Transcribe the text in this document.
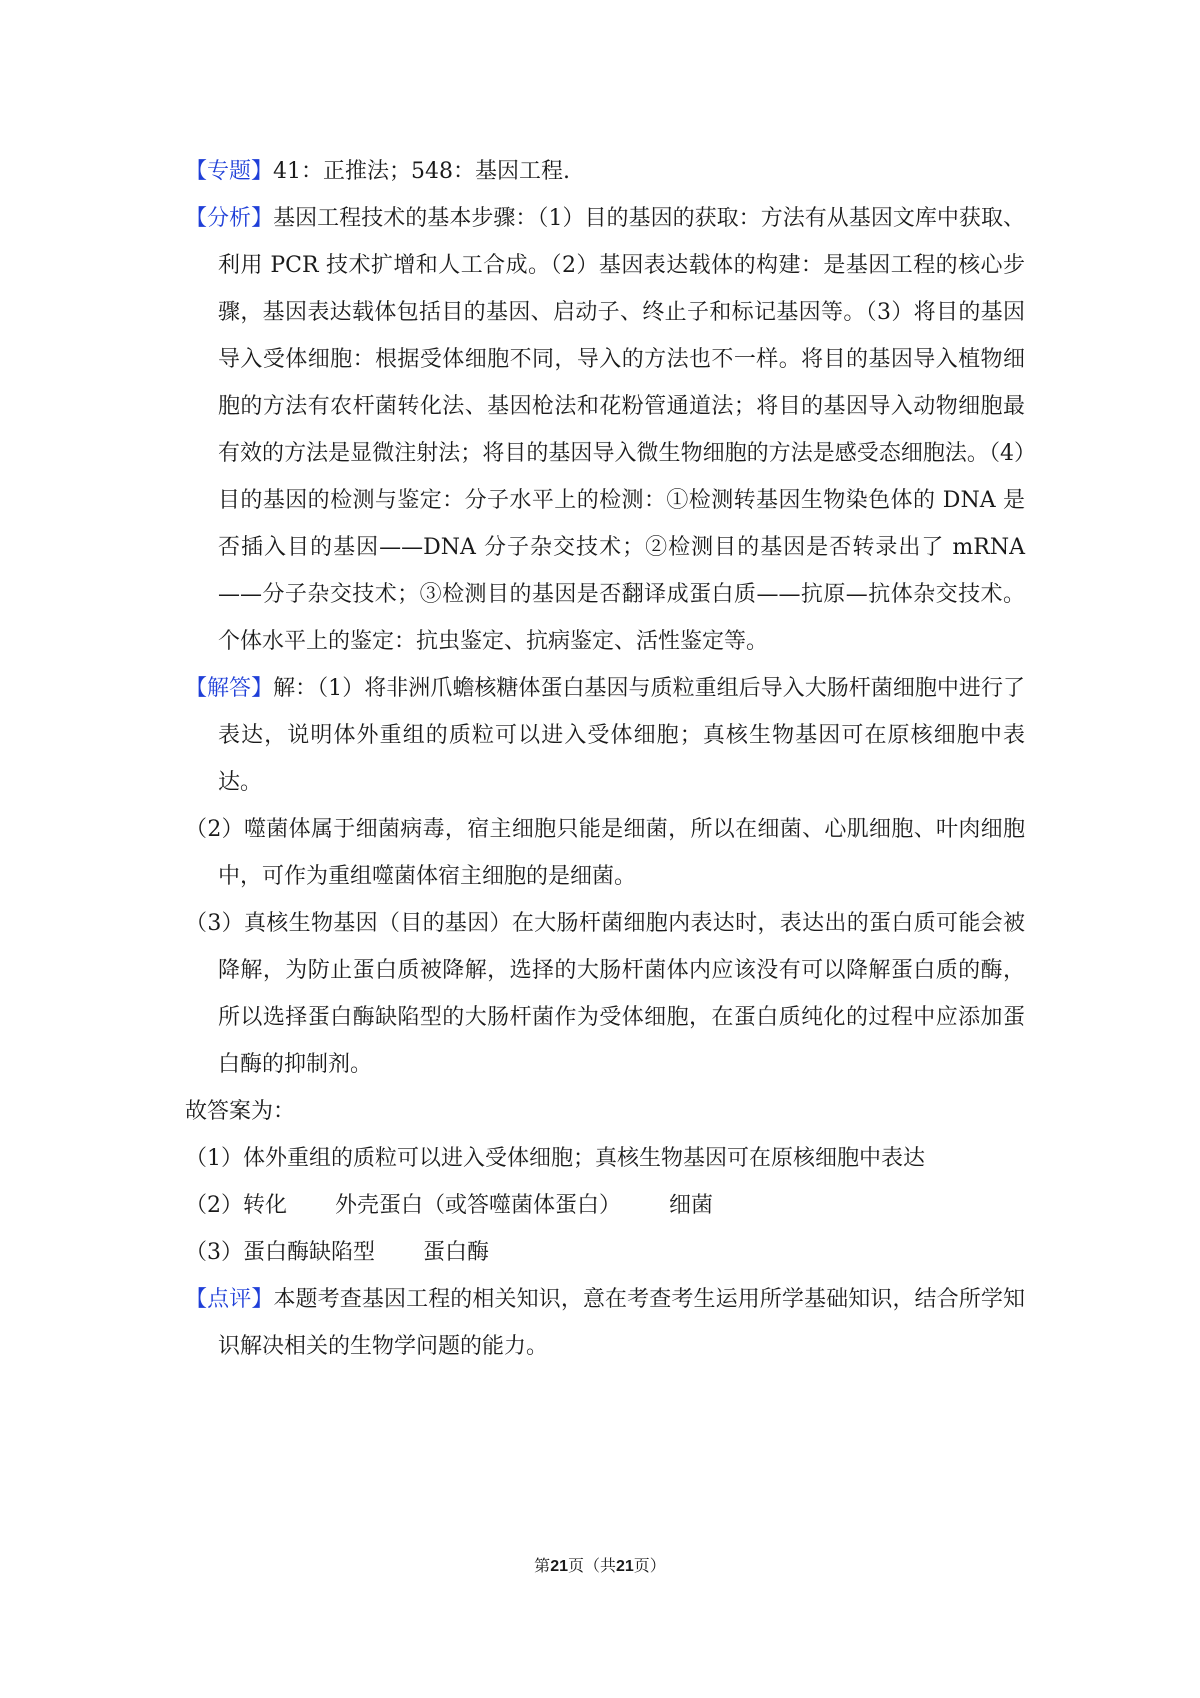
【专题】41：正推法；548：基因工程.

【分析】基因工程技术的基本步骤：（1）目的基因的获取：方法有从基因文库中获取、利用 PCR 技术扩增和人工合成。（2）基因表达载体的构建：是基因工程的核心步骤，基因表达载体包括目的基因、启动子、终止子和标记基因等。（3）将目的基因导入受体细胞：根据受体细胞不同，导入的方法也不一样。将目的基因导入植物细胞的方法有农杆菌转化法、基因枪法和花粉管通道法；将目的基因导入动物细胞最有效的方法是显微注射法；将目的基因导入微生物细胞的方法是感受态细胞法。（4）目的基因的检测与鉴定：分子水平上的检测：①检测转基因生物染色体的 DNA 是否插入目的基因——DNA 分子杂交技术；②检测目的基因是否转录出了 mRNA——分子杂交技术；③检测目的基因是否翻译成蛋白质——抗原—抗体杂交技术。个体水平上的鉴定：抗虫鉴定、抗病鉴定、活性鉴定等。

【解答】解：（1）将非洲爪蟾核糖体蛋白基因与质粒重组后导入大肠杆菌细胞中进行了表达，说明体外重组的质粒可以进入受体细胞；真核生物基因可在原核细胞中表达。

（2）噬菌体属于细菌病毒，宿主细胞只能是细菌，所以在细菌、心肌细胞、叶肉细胞中，可作为重组噬菌体宿主细胞的是细菌。

（3）真核生物基因（目的基因）在大肠杆菌细胞内表达时，表达出的蛋白质可能会被降解，为防止蛋白质被降解，选择的大肠杆菌体内应该没有可以降解蛋白质的酶，所以选择蛋白酶缺陷型的大肠杆菌作为受体细胞，在蛋白质纯化的过程中应添加蛋白酶的抑制剂。

故答案为：

（1）体外重组的质粒可以进入受体细胞；真核生物基因可在原核细胞中表达

（2）转化 外壳蛋白（或答噬菌体蛋白） 细菌

（3）蛋白酶缺陷型 蛋白酶

【点评】本题考查基因工程的相关知识，意在考查考生运用所学基础知识，结合所学知识解决相关的生物学问题的能力。

第21页（共21页）
